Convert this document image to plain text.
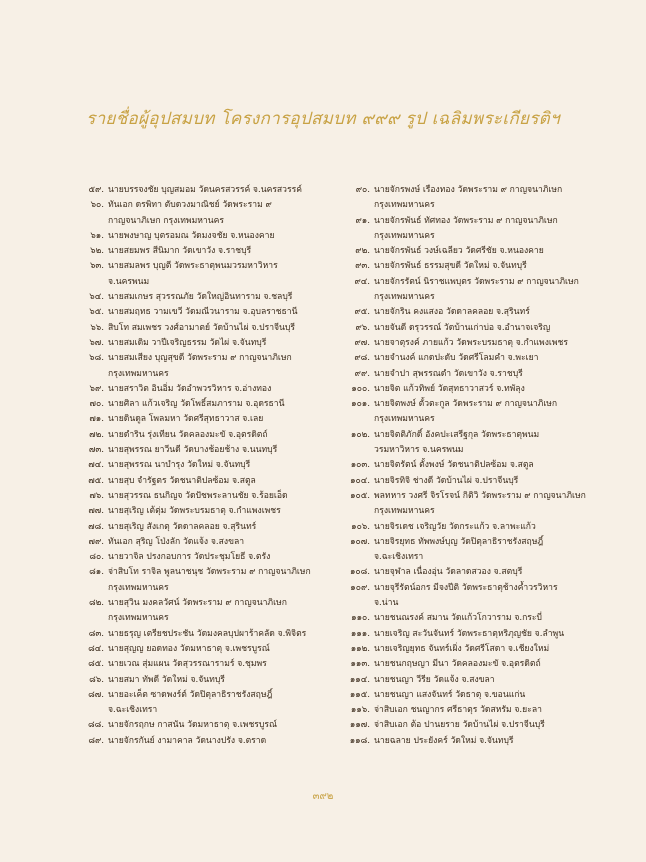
รายชื่อผู้อุปสมบท โครงการอุปสมบท ๙๙๙ รูป เฉลิมพระเกียรติฯ
๕๙. นายบรรจงชัย บุญสมอม วัดนครสวรรค์ จ.นครสวรรค์
๖๐. ทันเอก ดรพิทา ตับดวงมาณิชย์ วัดพระราม ๙
กาญจนาภิเษก กรุงเทพมหานคร
๖๑. นายพงษาญ บุตรอมณ วัดมงจชัย จ.หนองคาย
๖๒. นายสยมพร สีนิมาก วัดเขาวัง จ.ราชบุรี
๖๓. นายสมลพร บุญตี วัดพระธาตุพนมวรมหาวิหาร
จ.นครพนม
๖๔. นายสมเกษร สุวรรณภัย วัดใหญ่อินทาราม จ.ชลบุรี
๖๕. นายสมฤทธ วามเขวี วัดมณีวนาราม จ.อุบลราชธานี
๖๖. สิบโท สมเพชร วงศ์อามาตย์ วัดบ้านไผ่ จ.ปราจีนบุรี
๖๗. นายสมเดิม วาปีเจริญธรรม วัดไผ่ จ.จันทบุรี
๖๘. นายสมเสียง บุญสุขดี วัดพระราม ๙ กาญจนาภิเษก
กรุงเทพมหานคร
๖๙. นายสราวิต อินอิ่ม วัดอำพวรวิหาร จ.อ่างทอง
๗๐. นายศิลา แก้วเจริญ วัดโพธิ์สมภาราม จ.อุดรธานี
๗๑. นายดินดูล โพลมหา วัดศรีสุทธาวาส จ.เลย
๗๒. นายดำริน รุ่งเทียน วัดคลองมะขั จ.อุตรดิตถ์
๗๓. นายสุพรรณ ยาวีนดี วัดบางช้อยช้าง จ.นนทบุรี
๗๔. นายสุพรรณ นาบำรุง วัดใหม่ จ.จันทบุรี
๗๕. นายสุบ จำรัฐตร วัดชนาติปลซ้อม จ.สตูล
๗๖. นายสุวรรณ ธนกิญจ วัดปัชพระลานชัย จ.ร้อยเอ็ด
๗๗. นายสุเริญ เต้ตุ่ม วัดพระบรมธาตุ จ.กำแพงเพชร
๗๘. นายสุเริญ สังเกตุ วัดดาลคลอย จ.สุรินทร์
๗๙. ทันเอก สุริญ โป่งลัก วัดแจ้ง จ.สงขลา
๘๐. นายวาจิล ปรงกอบการ วัดประชุมโยธี จ.ตรัง
๘๑. จ่าสิบโท ราจิล พูลนาชนุช วัดพระราม ๙ กาญจนาภิเษก
กรุงเทพมหานคร
๘๒. นายสุวิน มงคลวัศน์ วัดพระราม ๙ กาญจนาภิเษก
กรุงเทพมหานคร
๘๓. นายธรุญ เตรียชประชัน วัดมงคลบุปผาร้าคลัด จ.พิจิตร
๘๔. นายสุญญ ยอดทอง วัดมหาธาตุ จ.เพชรบูรณ์
๘๕. นายเวณ สุ่มแผน วัดสุวรรณารามร์ จ.ชุมพร
๘๖. นายสมา ทัพดี วัดใหม่ จ.จันทบุรี
๘๗. นายอะเค็ต ซาดพงร์ต์ วัดปิตุลาธิราชรังสฤษฎิ์
จ.ฉะเชิงเทรา
๘๘. นายจักรฤกษ กาสนัน วัดมหาธาตุ จ.เพชรบูรณ์
๘๙. นายจักรกันย์ งามาคาล วัดนางปรัง จ.ตราด
๙๐. นายจักรพงษ์ เรืองทอง วัดพระราม ๙ กาญจนาภิเษก
กรุงเทพมหานคร
๙๑. นายจักรพันธ์ ทัศทอง วัดพระราม ๙ กาญจนาภิเษก
กรุงเทพมหานคร
๙๒. นายจักรพันธ์ วงษ์เฉลียว วัดศรีชัย จ.หนองคาย
๙๓. นายจักรพันธ์ ธรรมสุขดี วัดใหม่ จ.จันทบุรี
๙๔. นายจักรรัตน์ นิราชแพบุตร วัดพระราม ๙ กาญจนาภิเษก
กรุงเทพมหานคร
๙๕. นายจักริน คงแสงอ วัดดาลคลอย จ.สุรินทร์
๙๖. นายจันดี ดรุวรรณ์ วัดบ้านเก่าบ่อ จ.อำนาจเจริญ
๙๗. นายจาตุรงค์ ภายแก้ว วัดพระบรมธาตุ จ.กำแพงเพชร
๙๘. นายจำนงค์ แกดปะดับ วัดศรีโลมคำ จ.พะเยา
๙๙. นายจำปา สุพรรณดำ วัดเขาวัง จ.ราชบุรี
๑๐๐. นายจิต แก้วทิพย์ วัดสุทธาวาสวร์ จ.ทพัลุง
๑๐๑. นายจิตพงษ์ ตั้วตะกูล วัดพระราม ๙ กาญจนาภิเษก
กรุงเทพมหานคร
๑๐๒. นายจิตติภักดิ์ อังคปะเสรีฐกุล วัดพระธาตุพนม
วรมหาวิหาร จ.นครพนม
๑๐๓. นายจิตรัตน์ ตั้งพงษ์ วัดชนาติปลซ้อม จ.สตูล
๑๐๔. นายจิรทิจิ ช่างดี วัดบ้านไผ่ จ.ปราจีนบุรี
๑๐๕. พลทหาร วงศรี จิรโรจน์ กิติวิ วัดพระราม ๙ กาญจนาภิเษก
กรุงเทพมหานคร
๑๐๖. นายจิรเดช เจริญวัย วัดกระแก้ว จ.ลาพะแก้ว
๑๐๗. นายจิรยุทธ ทัพพงษ์บุญ วัดปิตุลาธิราชรังสฤษฎิ์
จ.ฉะเชิงเทรา
๑๐๘. นายจุฬาล เนื่องอุ่น วัดลาดสวอง จ.สตบุรี
๑๐๙. นายจุรีรัตน์อกร มีจงปีติ วัดพระธาตุช้างค้ำวรวิหาร
จ.น่าน
๑๑๐. นายชนณรงค์ สมาน วัดแก้วโกวาราม จ.กระบี่
๑๑๑. นายเจริญ สะวันจันทร์ วัดพระธาตุหริภุญชัย จ.ลำพูน
๑๑๒. นายเจริญยุทธ จันทร์เผิ่ง วัดศรีโสดา จ.เชียงใหม่
๑๑๓. นายชนกฤษญา มีนา วัดคลองมะขั จ.อุตรดิตถ์
๑๑๔. นายชนญา วีรีย วัดแจ้ง จ.สงขลา
๑๑๕. นายชนญา แสงจันทร์ วัดธาตุ จ.ขอนแก่น
๑๑๖. จ่าสิบเอก ชนญากร ศรีธาตุร วัดสหรัม จ.ยะลา
๑๑๗. จ่าสิบเอก ต้อ ปานยราย วัดบ้านไผ่ จ.ปราจีนบุรี
๑๑๘. นายฉลาย ประยังคร์ วัดใหม่ จ.จันทบุรี
๓๙๒
